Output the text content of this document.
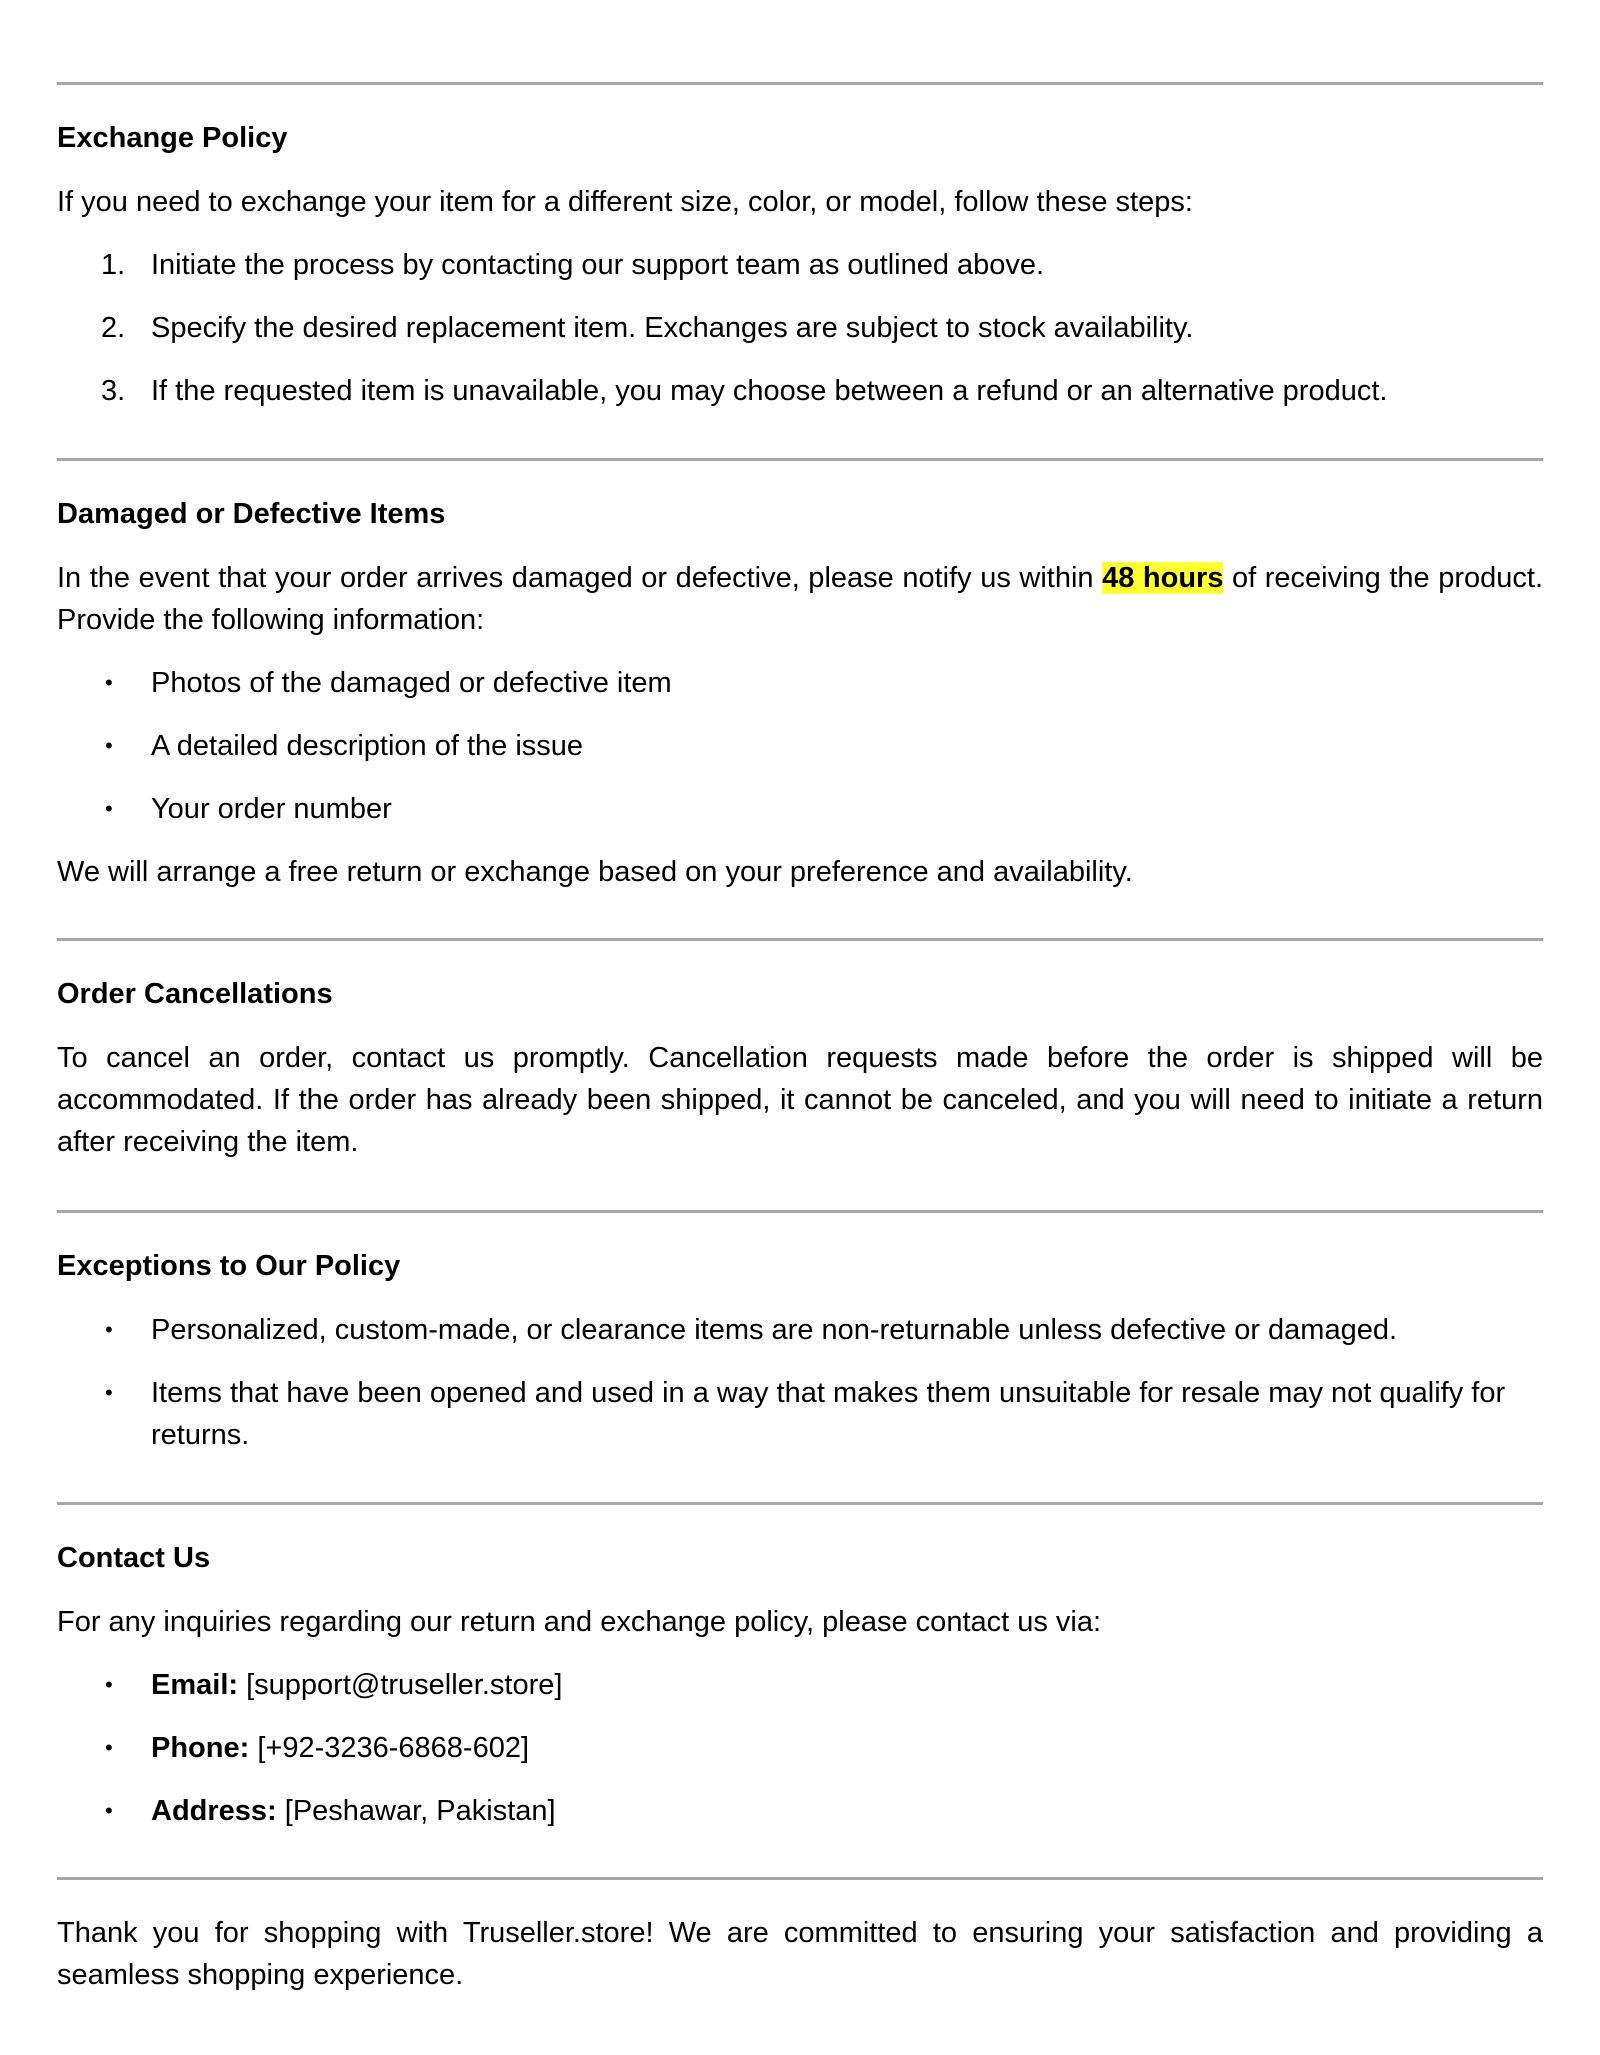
Exchange Policy

If you need to exchange your item for a different size, color, or model, follow these steps:

1. Initiate the process by contacting our support team as outlined above.
2. Specify the desired replacement item. Exchanges are subject to stock availability.
3. If the requested item is unavailable, you may choose between a refund or an alternative product.
Damaged or Defective Items

In the event that your order arrives damaged or defective, please notify us within 48 hours of receiving the product. Provide the following information:

•	Photos of the damaged or defective item
•	A detailed description of the issue
•	Your order number

We will arrange a free return or exchange based on your preference and availability.

Order Cancellations

To cancel an order, contact us promptly. Cancellation requests made before the order is shipped will be accommodated. If the order has already been shipped, it cannot be canceled, and you will need to initiate a return after receiving the item.

Exceptions to Our Policy
•	Personalized, custom-made, or clearance items are non-returnable unless defective or damaged.
•	Items that have been opened and used in a way that makes them unsuitable for resale may not qualify for returns.
Contact Us

For any inquiries regarding our return and exchange policy, please contact us via:

•	Email: [support@truseller.store]
•	Phone: [+92-3236-6868-602]
•	Address: [Peshawar, Pakistan]

Thank you for shopping with Truseller.store! We are committed to ensuring your satisfaction and providing a seamless shopping experience.
